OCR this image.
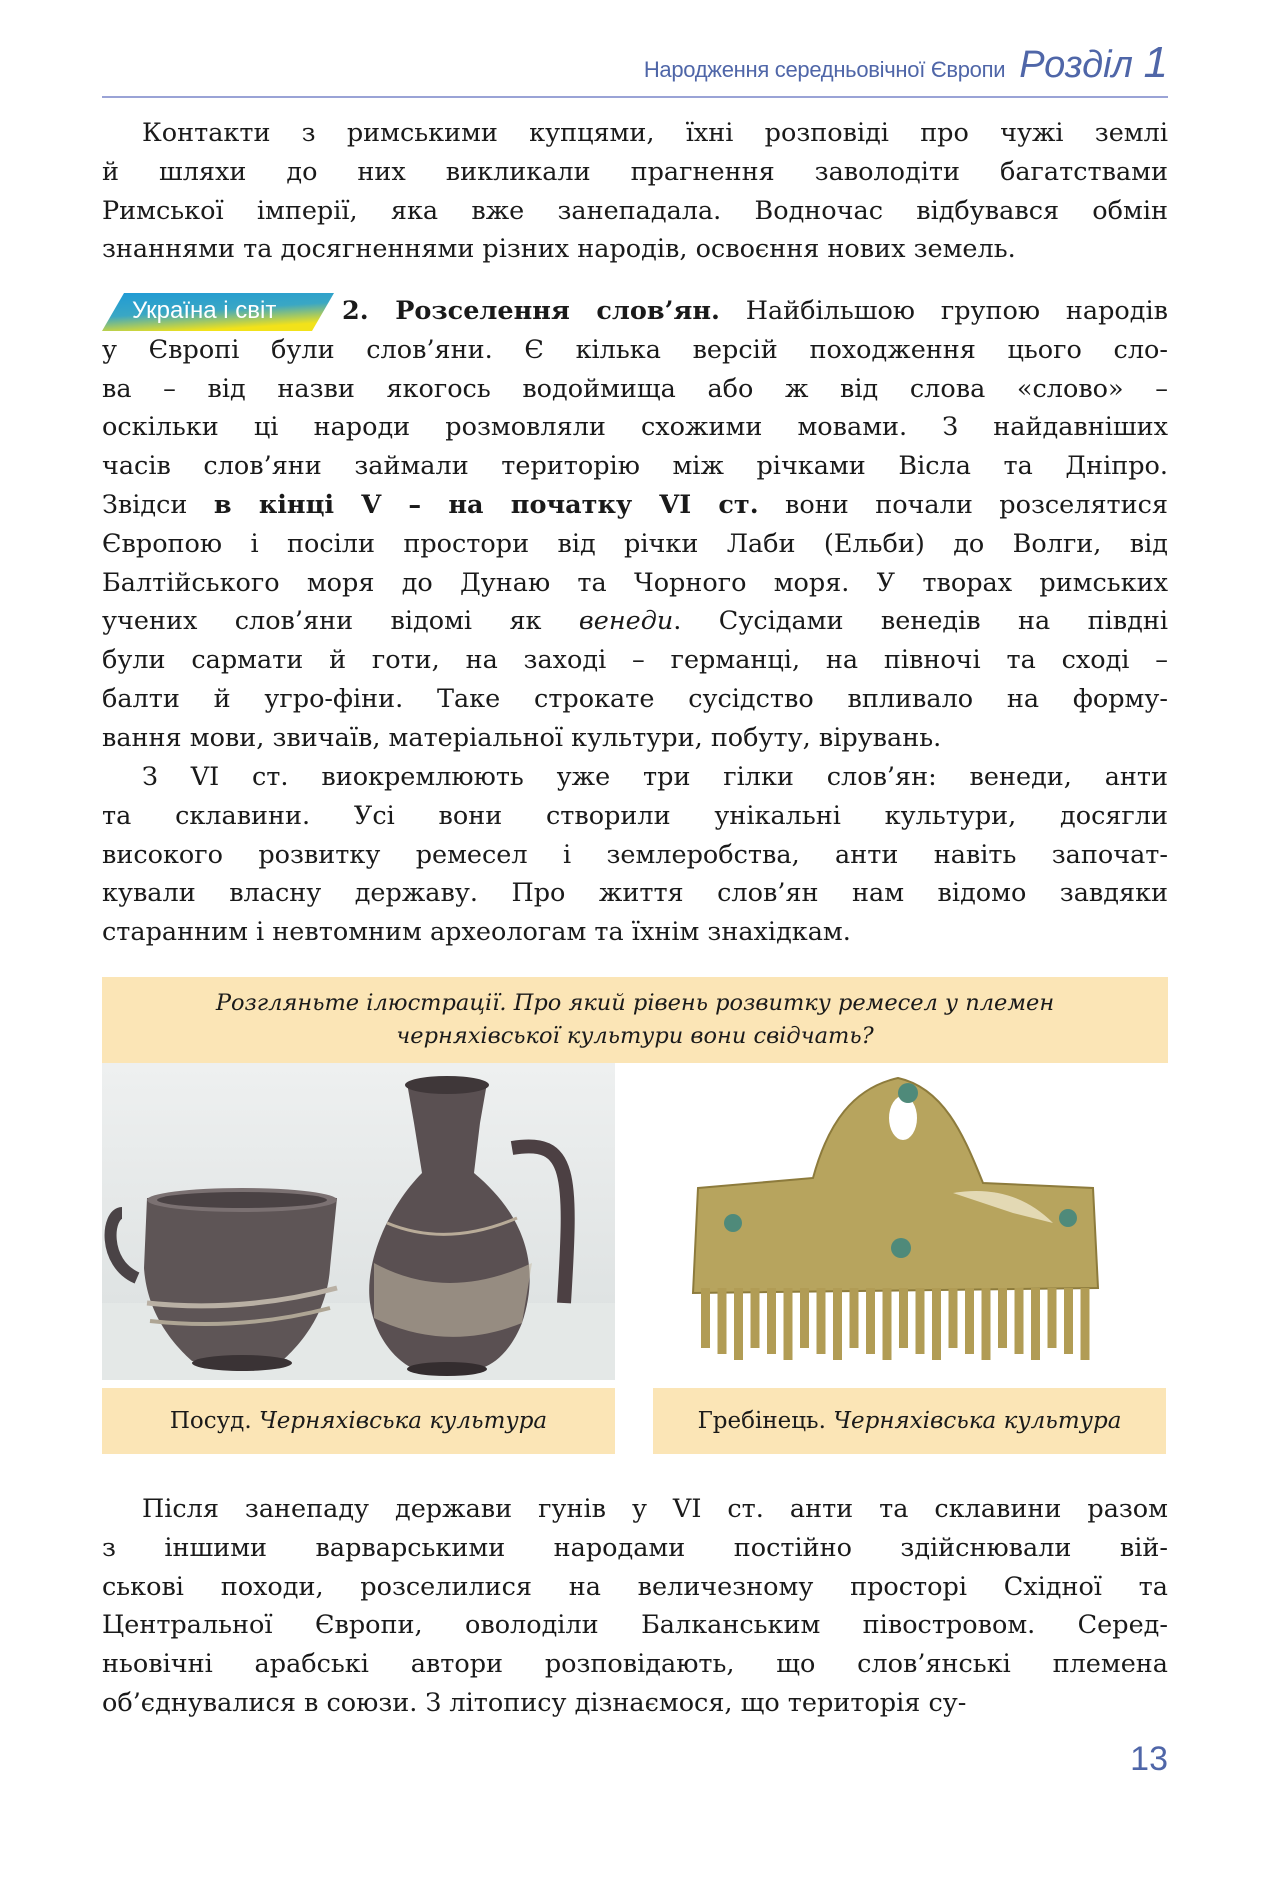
Народження середньовічної Європи Розділ 1
Контакти з римськими купцями, їхні розповіді про чужі землі
й шляхи до них викликали прагнення заволодіти багатствами
Римської імперії, яка вже занепадала. Водночас відбувався обмін
знаннями та досягненнями різних народів, освоєння нових земель.
Україна і світ	2. Розселення слов’ян. Найбільшою групою народів
у Європі були слов’яни. Є кілька версій походження цього сло-
ва – від назви якогось водоймища або ж від слова «слово» –
оскільки ці народи розмовляли схожими мовами. З найдавніших
часів слов’яни займали територію між річками Вісла та Дніпро.
Звідси в кінці V – на початку VI ст. вони почали розселятися
Європою і посіли простори від річки Лаби (Ельби) до Волги, від
Балтійського моря до Дунаю та Чорного моря. У творах римських
учених слов’яни відомі як венеди. Сусідами венедів на півдні
були сармати й готи, на заході – германці, на півночі та сході –
балти й угро-фіни. Таке строкате сусідство впливало на форму-
вання мови, звичаїв, матеріальної культури, побуту, вірувань.
З VI ст. виокремлюють уже три гілки слов’ян: венеди, анти
та склавини. Усі вони створили унікальні культури, досягли
високого розвитку ремесел і землеробства, анти навіть започат-
кували власну державу. Про життя слов’ян нам відомо завдяки
старанним і невтомним археологам та їхнім знахідкам.
Розгляньте ілюстрації. Про який рівень розвитку ремесел у племен
черняхівської культури вони свідчать?
Посуд. Черняхівська культура	Гребінець. Черняхівська культура
Після занепаду держави гунів у VI ст. анти та склавини разом
з іншими варварськими народами постійно здійснювали вій-
ськові походи, розселилися на величезному просторі Східної та
Центральної Європи, оволоділи Балканським півостровом. Серед-
ньовічні арабські автори розповідають, що слов’янські племена
об’єднувалися в союзи. З літопису дізнаємося, що територія су-
13
